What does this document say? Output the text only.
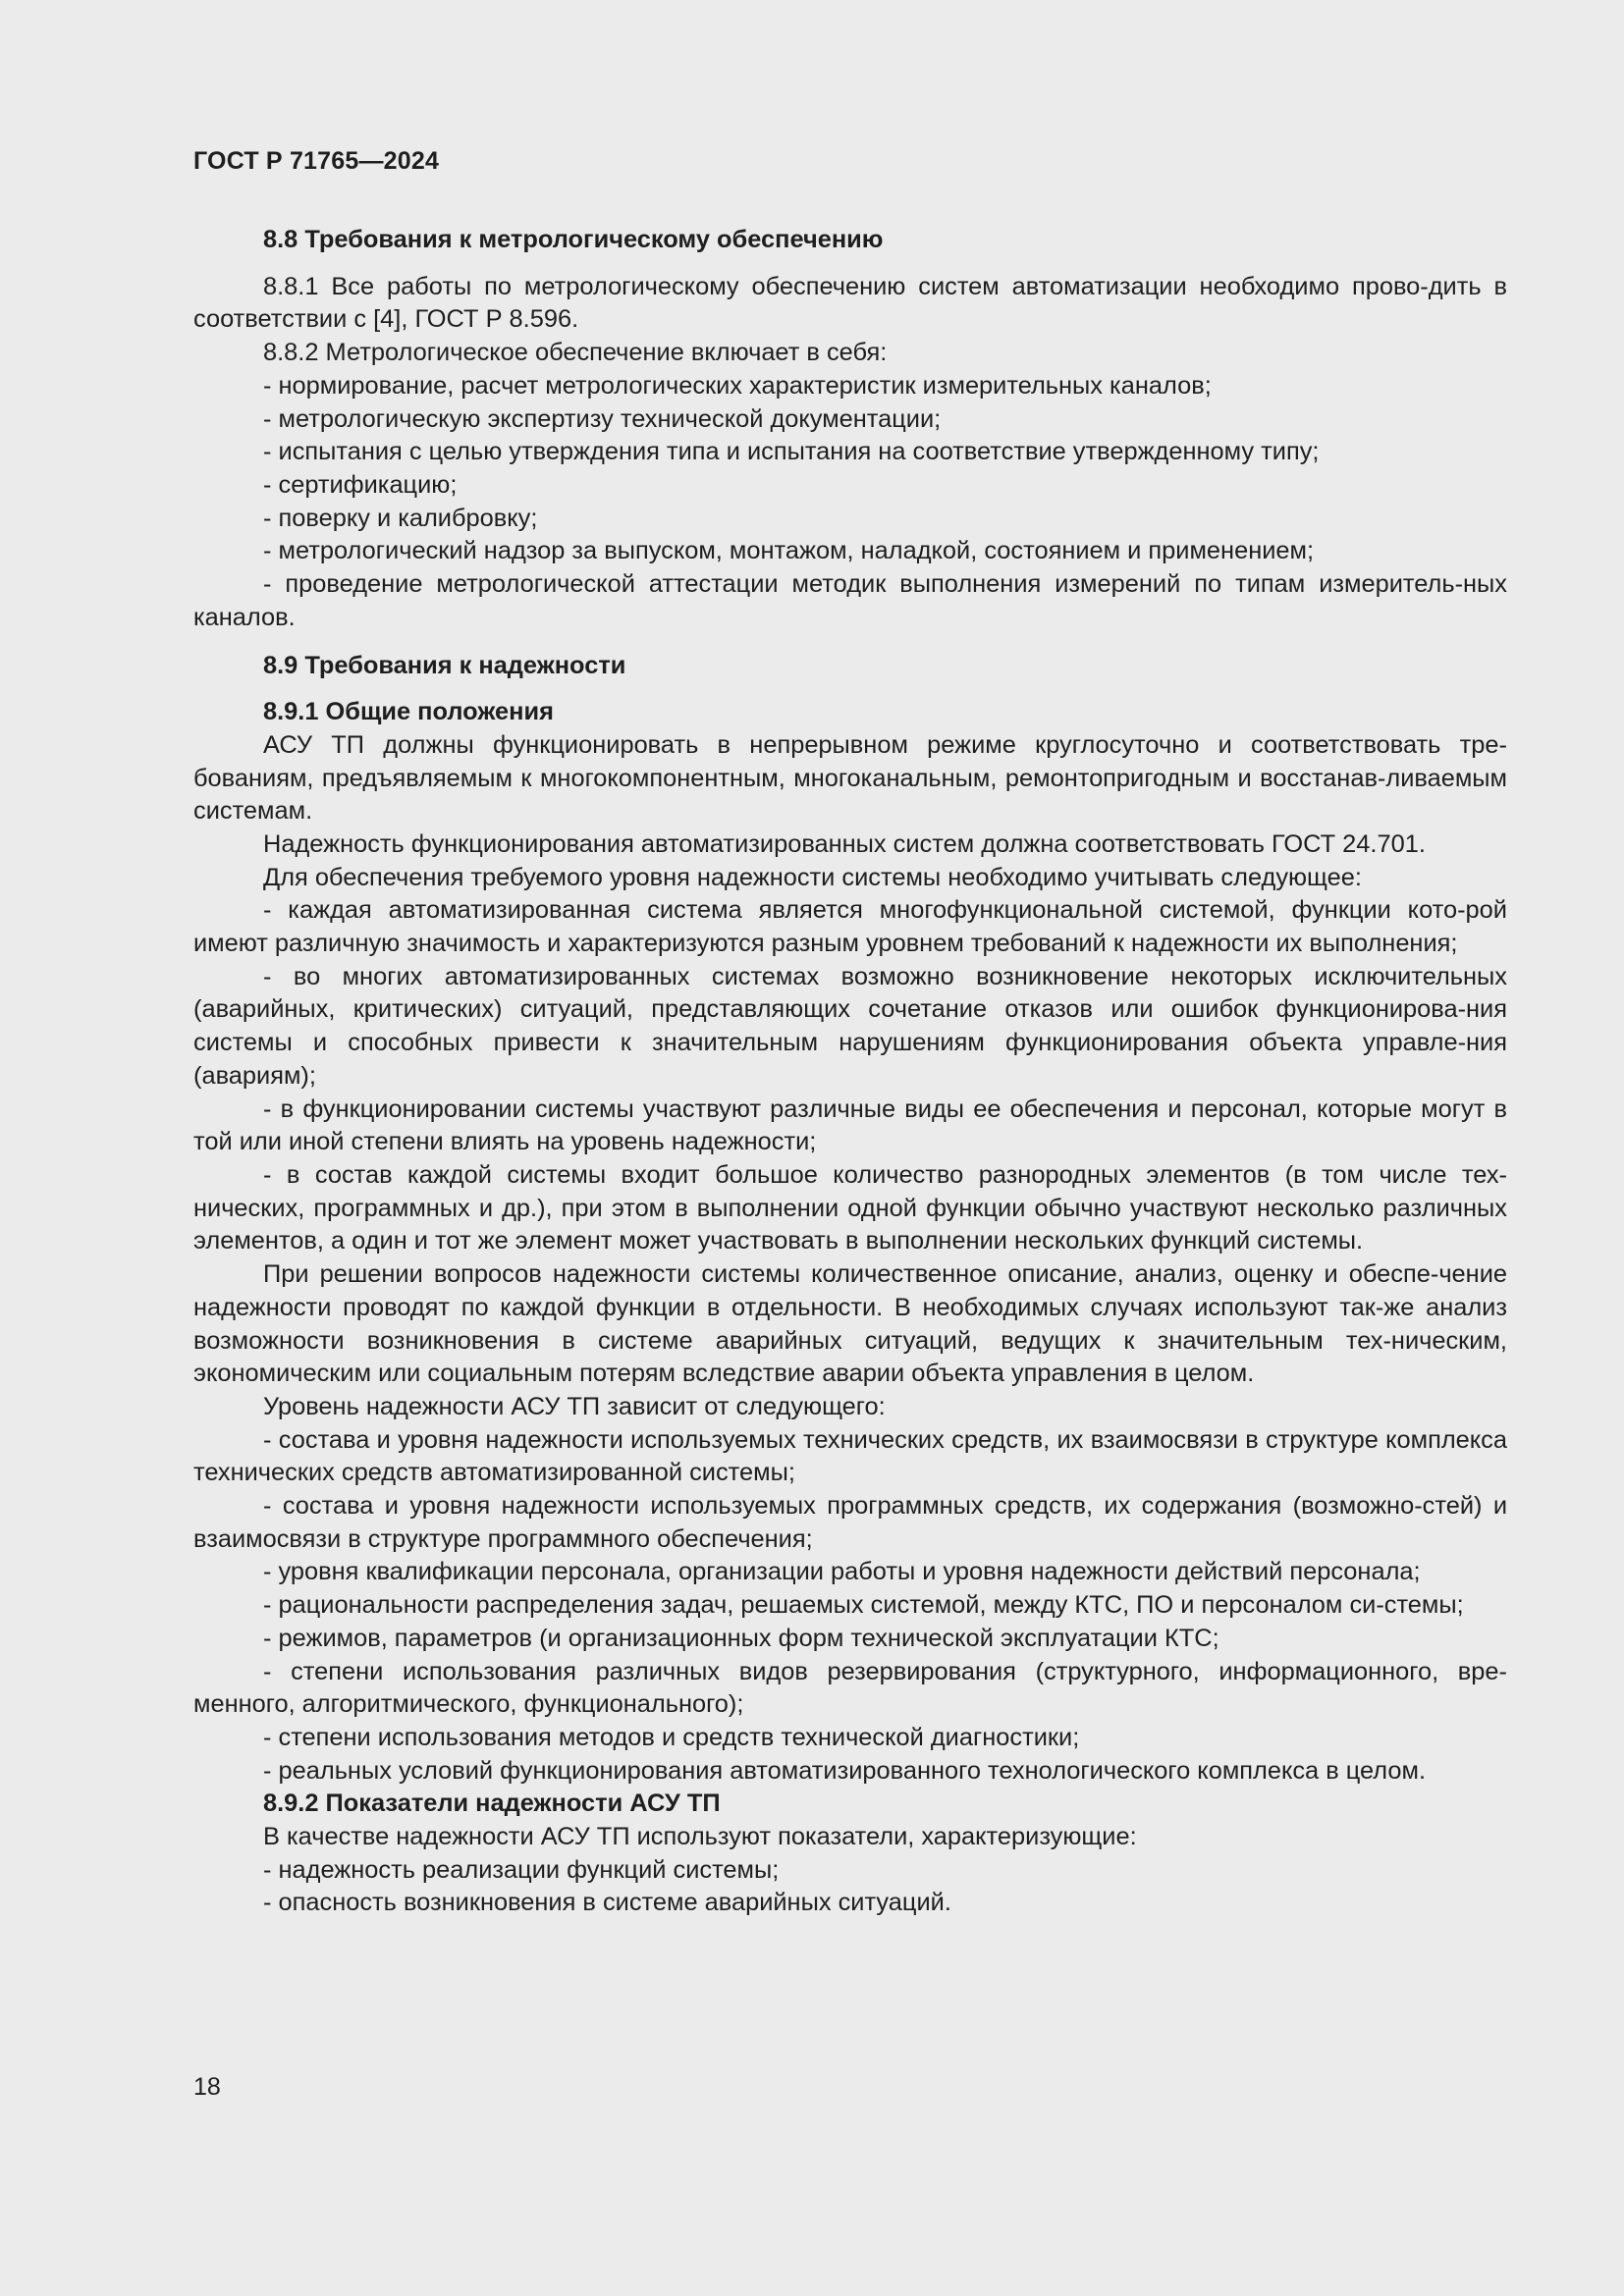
ГОСТ Р 71765—2024
8.8 Требования к метрологическому обеспечению

8.8.1 Все работы по метрологическому обеспечению систем автоматизации необходимо прово-дить в соответствии с [4], ГОСТ Р 8.596.

8.8.2 Метрологическое обеспечение включает в себя:

- нормирование, расчет метрологических характеристик измерительных каналов;

- метрологическую экспертизу технической документации;

- испытания с целью утверждения типа и испытания на соответствие утвержденному типу;

- сертификацию;

- поверку и калибровку;

- метрологический надзор за выпуском, монтажом, наладкой, состоянием и применением;

- проведение метрологической аттестации методик выполнения измерений по типам измеритель-ных каналов.

8.9 Требования к надежности
8.9.1 Общие положения

АСУ ТП должны функционировать в непрерывном режиме круглосуточно и соответствовать тре-бованиям, предъявляемым к многокомпонентным, многоканальным, ремонтопригодным и восстанав-ливаемым системам.

Надежность функционирования автоматизированных систем должна соответствовать ГОСТ 24.701.

Для обеспечения требуемого уровня надежности системы необходимо учитывать следующее:

- каждая автоматизированная система является многофункциональной системой, функции кото-рой имеют различную значимость и характеризуются разным уровнем требований к надежности их выполнения;

- во многих автоматизированных системах возможно возникновение некоторых исключительных (аварийных, критических) ситуаций, представляющих сочетание отказов или ошибок функционирова-ния системы и способных привести к значительным нарушениям функционирования объекта управле-ния (авариям);

- в функционировании системы участвуют различные виды ее обеспечения и персонал, которые могут в той или иной степени влиять на уровень надежности;

- в состав каждой системы входит большое количество разнородных элементов (в том числе тех-нических, программных и др.), при этом в выполнении одной функции обычно участвуют несколько различных элементов, а один и тот же элемент может участвовать в выполнении нескольких функций системы.

При решении вопросов надежности системы количественное описание, анализ, оценку и обеспе-чение надежности проводят по каждой функции в отдельности. В необходимых случаях используют так-же анализ возможности возникновения в системе аварийных ситуаций, ведущих к значительным тех-ническим, экономическим или социальным потерям вследствие аварии объекта управления в целом.

Уровень надежности АСУ ТП зависит от следующего:

- состава и уровня надежности используемых технических средств, их взаимосвязи в структуре комплекса технических средств автоматизированной системы;

- состава и уровня надежности используемых программных средств, их содержания (возможно-стей) и взаимосвязи в структуре программного обеспечения;

- уровня квалификации персонала, организации работы и уровня надежности действий персонала;

- рациональности распределения задач, решаемых системой, между КТС, ПО и персоналом си-стемы;

- режимов, параметров (и организационных форм технической эксплуатации КТС;

- степени использования различных видов резервирования (структурного, информационного, вре-менного, алгоритмического, функционального);

- степени использования методов и средств технической диагностики;

- реальных условий функционирования автоматизированного технологического комплекса в целом.

8.9.2 Показатели надежности АСУ ТП

В качестве надежности АСУ ТП используют показатели, характеризующие:

- надежность реализации функций системы;

- опасность возникновения в системе аварийных ситуаций.

18
